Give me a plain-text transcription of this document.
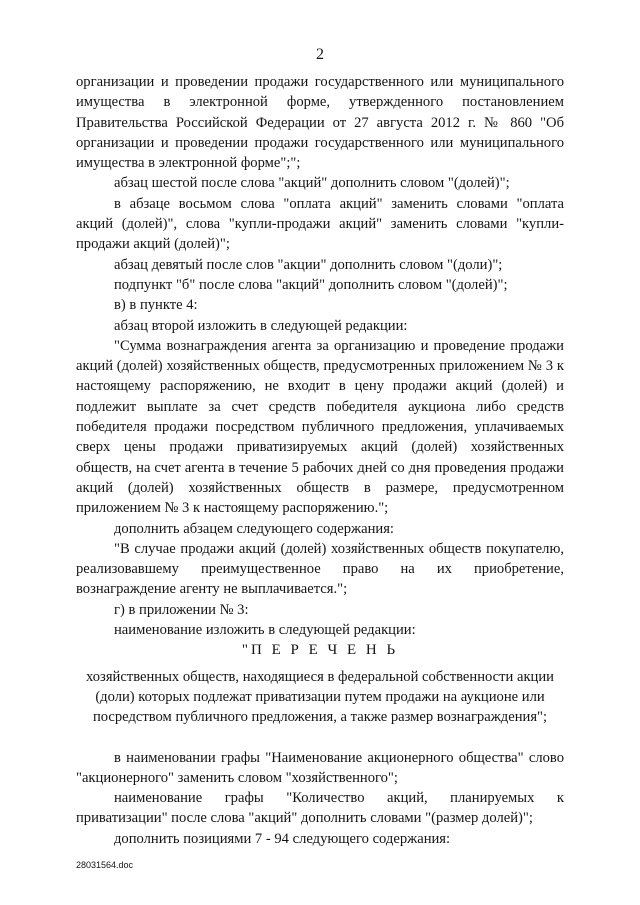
2

организации и проведении продажи государственного или муниципального имущества в электронной форме, утвержденного постановлением Правительства Российской Федерации от 27 августа 2012 г. № 860 "Об организации и проведении продажи государственного или муниципального имущества в электронной форме";";

абзац шестой после слова "акций" дополнить словом "(долей)";

в абзаце восьмом слова "оплата акций" заменить словами "оплата акций (долей)", слова "купли-продажи акций" заменить словами "купли-продажи акций (долей)";

абзац девятый после слов "акции" дополнить словом "(доли)";

подпункт "б" после слова "акций" дополнить словом "(долей)";

в) в пункте 4:

абзац второй изложить в следующей редакции:

"Сумма вознаграждения агента за организацию и проведение продажи акций (долей) хозяйственных обществ, предусмотренных приложением № 3 к настоящему распоряжению, не входит в цену продажи акций (долей) и подлежит выплате за счет средств победителя аукциона либо средств победителя продажи посредством публичного предложения, уплачиваемых сверх цены продажи приватизируемых акций (долей) хозяйственных обществ, на счет агента в течение 5 рабочих дней со дня проведения продажи акций (долей) хозяйственных обществ в размере, предусмотренном приложением № 3 к настоящему распоряжению.";

дополнить абзацем следующего содержания:

"В случае продажи акций (долей) хозяйственных обществ покупателю, реализовавшему преимущественное право на их приобретение, вознаграждение агенту не выплачивается.";

г) в приложении № 3:

наименование изложить в следующей редакции:

"П Е Р Е Ч Е Н Ь

хозяйственных обществ, находящиеся в федеральной собственности акции (доли) которых подлежат приватизации путем продажи на аукционе или посредством публичного предложения, а также размер вознаграждения";

в наименовании графы "Наименование акционерного общества" слово "акционерного" заменить словом "хозяйственного";

наименование графы "Количество акций, планируемых к приватизации" после слова "акций" дополнить словами "(размер долей)";

дополнить позициями 7 - 94 следующего содержания:

28031564.doc
